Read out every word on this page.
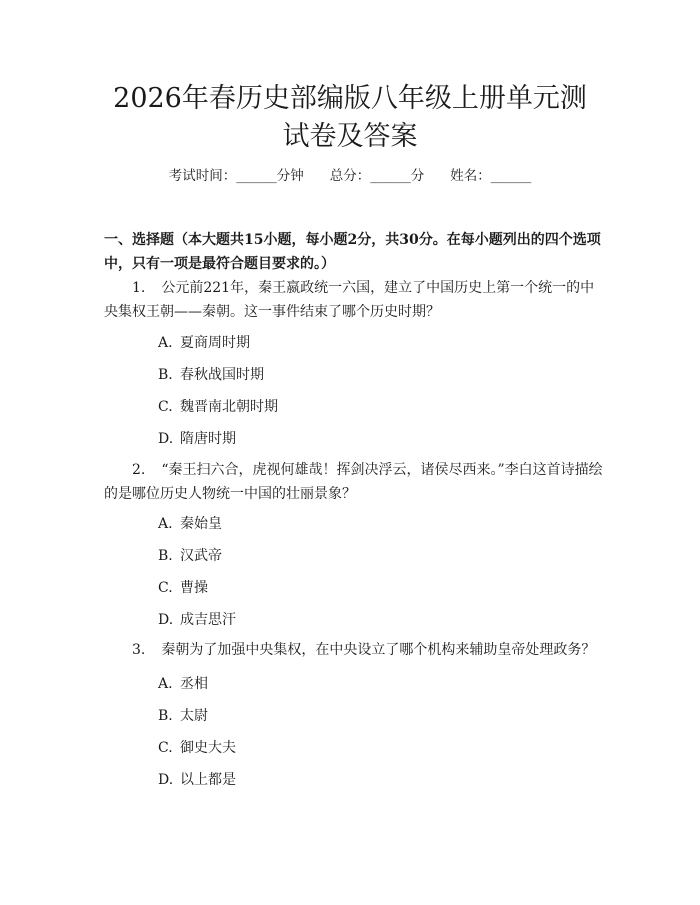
2026年春历史部编版八年级上册单元测试卷及答案
考试时间：______分钟 总分：______分 姓名：______

一、选择题（本大题共15小题，每小题2分，共30分。在每小题列出的四个选项中，只有一项是最符合题目要求的。）

1. 公元前221年，秦王嬴政统一六国，建立了中国历史上第一个统一的中央集权王朝——秦朝。这一事件结束了哪个历史时期？

A. 夏商周时期
B. 春秋战国时期
C. 魏晋南北朝时期
D. 隋唐时期

2. “秦王扫六合，虎视何雄哉！挥剑决浮云，诸侯尽西来。”李白这首诗描绘的是哪位历史人物统一中国的壮丽景象？

A. 秦始皇
B. 汉武帝
C. 曹操
D. 成吉思汗

3. 秦朝为了加强中央集权，在中央设立了哪个机构来辅助皇帝处理政务？

A. 丞相
B. 太尉
C. 御史大夫
D. 以上都是
